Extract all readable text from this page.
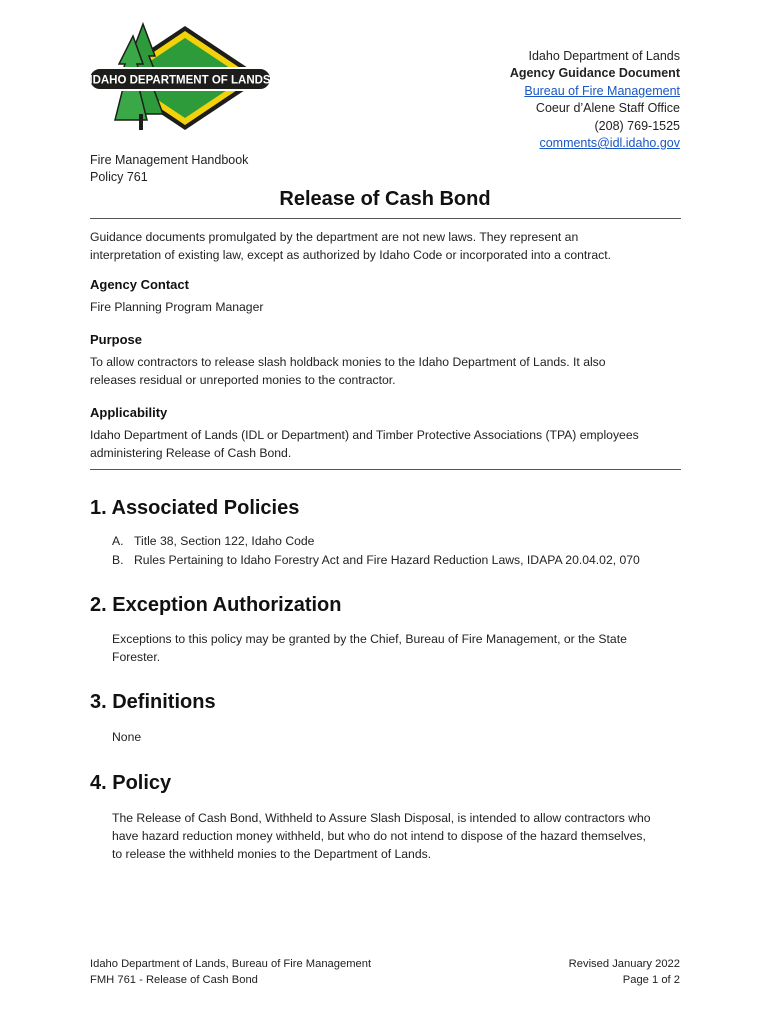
IDAHO DEPARTMENT OF LANDS
Idaho Department of Lands
Agency Guidance Document
Bureau of Fire Management
Coeur d’Alene Staff Office
(208) 769-1525
comments@idl.idaho.gov
Fire Management Handbook
Policy 761
Release of Cash Bond
Guidance documents promulgated by the department are not new laws. They represent an
interpretation of existing law, except as authorized by Idaho Code or incorporated into a contract.
Agency Contact
Fire Planning Program Manager
Purpose
To allow contractors to release slash holdback monies to the Idaho Department of Lands. It also
releases residual or unreported monies to the contractor.
Applicability
Idaho Department of Lands (IDL or Department) and Timber Protective Associations (TPA) employees
administering Release of Cash Bond.
1. Associated Policies
A. Title 38, Section 122, Idaho Code
B. Rules Pertaining to Idaho Forestry Act and Fire Hazard Reduction Laws, IDAPA 20.04.02, 070
2. Exception Authorization
Exceptions to this policy may be granted by the Chief, Bureau of Fire Management, or the State
Forester.
3. Definitions
None
4. Policy
The Release of Cash Bond, Withheld to Assure Slash Disposal, is intended to allow contractors who
have hazard reduction money withheld, but who do not intend to dispose of the hazard themselves,
to release the withheld monies to the Department of Lands.
Idaho Department of Lands, Bureau of Fire Management
FMH 761 - Release of Cash Bond
Revised January 2022
Page 1 of 2
